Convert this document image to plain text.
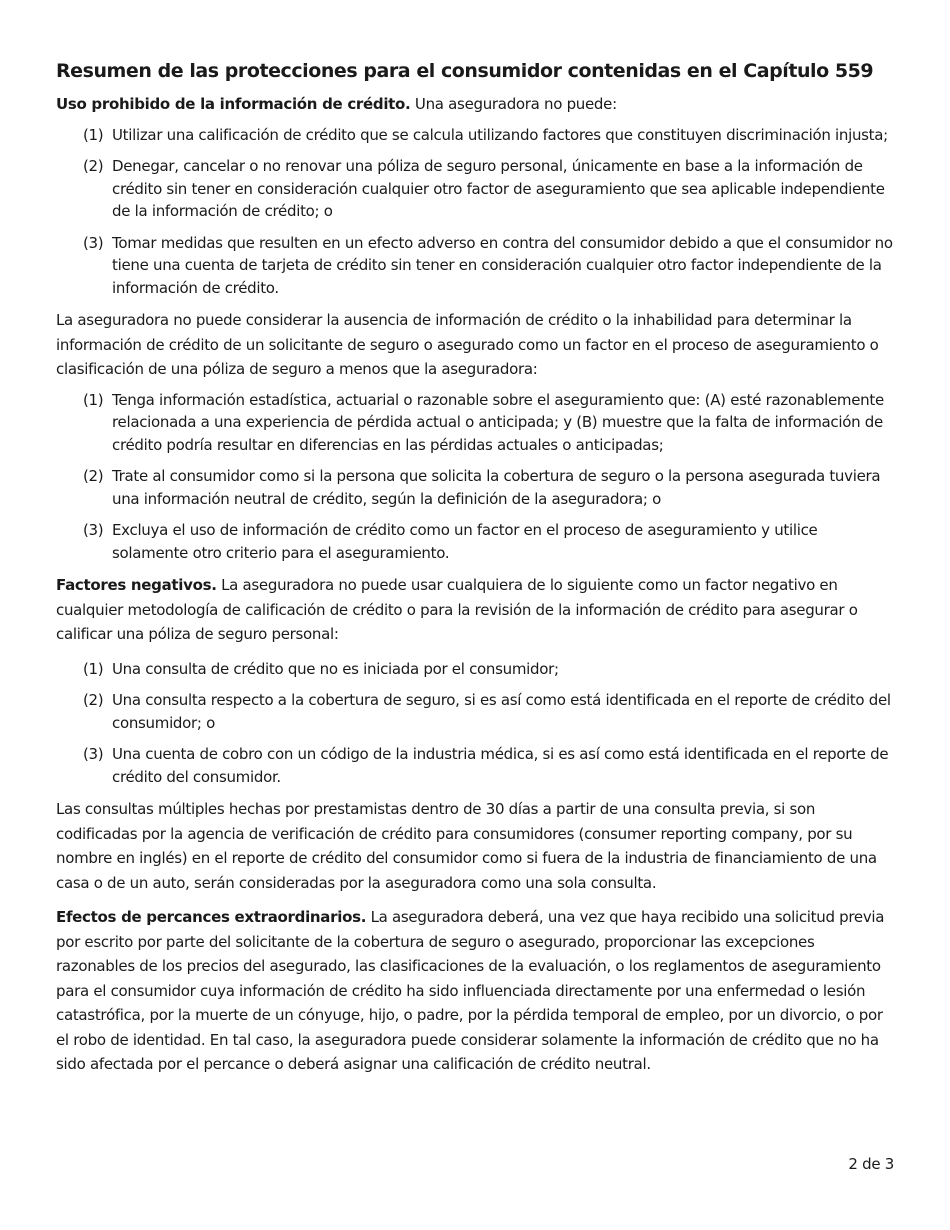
Resumen de las protecciones para el consumidor contenidas en el Capítulo 559

Uso prohibido de la información de crédito. Una aseguradora no puede:

(1) Utilizar una calificación de crédito que se calcula utilizando factores que constituyen discriminación injusta;
(2) Denegar, cancelar o no renovar una póliza de seguro personal, únicamente en base a la información de crédito sin tener en consideración cualquier otro factor de aseguramiento que sea aplicable independiente de la información de crédito; o
(3) Tomar medidas que resulten en un efecto adverso en contra del consumidor debido a que el consumidor no tiene una cuenta de tarjeta de crédito sin tener en consideración cualquier otro factor independiente de la información de crédito.

La aseguradora no puede considerar la ausencia de información de crédito o la inhabilidad para determinar la información de crédito de un solicitante de seguro o asegurado como un factor en el proceso de aseguramiento o clasificación de una póliza de seguro a menos que la aseguradora:

(1) Tenga información estadística, actuarial o razonable sobre el aseguramiento que: (A) esté razonablemente relacionada a una experiencia de pérdida actual o anticipada; y (B) muestre que la falta de información de crédito podría resultar en diferencias en las pérdidas actuales o anticipadas;
(2) Trate al consumidor como si la persona que solicita la cobertura de seguro o la persona asegurada tuviera una información neutral de crédito, según la definición de la aseguradora; o
(3) Excluya el uso de información de crédito como un factor en el proceso de aseguramiento y utilice solamente otro criterio para el aseguramiento.

Factores negativos. La aseguradora no puede usar cualquiera de lo siguiente como un factor negativo en cualquier metodología de calificación de crédito o para la revisión de la información de crédito para asegurar o calificar una póliza de seguro personal:

(1) Una consulta de crédito que no es iniciada por el consumidor;
(2) Una consulta respecto a la cobertura de seguro, si es así como está identificada en el reporte de crédito del consumidor; o
(3) Una cuenta de cobro con un código de la industria médica, si es así como está identificada en el reporte de crédito del consumidor.

Las consultas múltiples hechas por prestamistas dentro de 30 días a partir de una consulta previa, si son codificadas por la agencia de verificación de crédito para consumidores (consumer reporting company, por su nombre en inglés) en el reporte de crédito del consumidor como si fuera de la industria de financiamiento de una casa o de un auto, serán consideradas por la aseguradora como una sola consulta.

Efectos de percances extraordinarios. La aseguradora deberá, una vez que haya recibido una solicitud previa por escrito por parte del solicitante de la cobertura de seguro o asegurado, proporcionar las excepciones razonables de los precios del asegurado, las clasificaciones de la evaluación, o los reglamentos de aseguramiento para el consumidor cuya información de crédito ha sido influenciada directamente por una enfermedad o lesión catastrófica, por la muerte de un cónyuge, hijo, o padre, por la pérdida temporal de empleo, por un divorcio, o por el robo de identidad. En tal caso, la aseguradora puede considerar solamente la información de crédito que no ha sido afectada por el percance o deberá asignar una calificación de crédito neutral.

2 de 3
